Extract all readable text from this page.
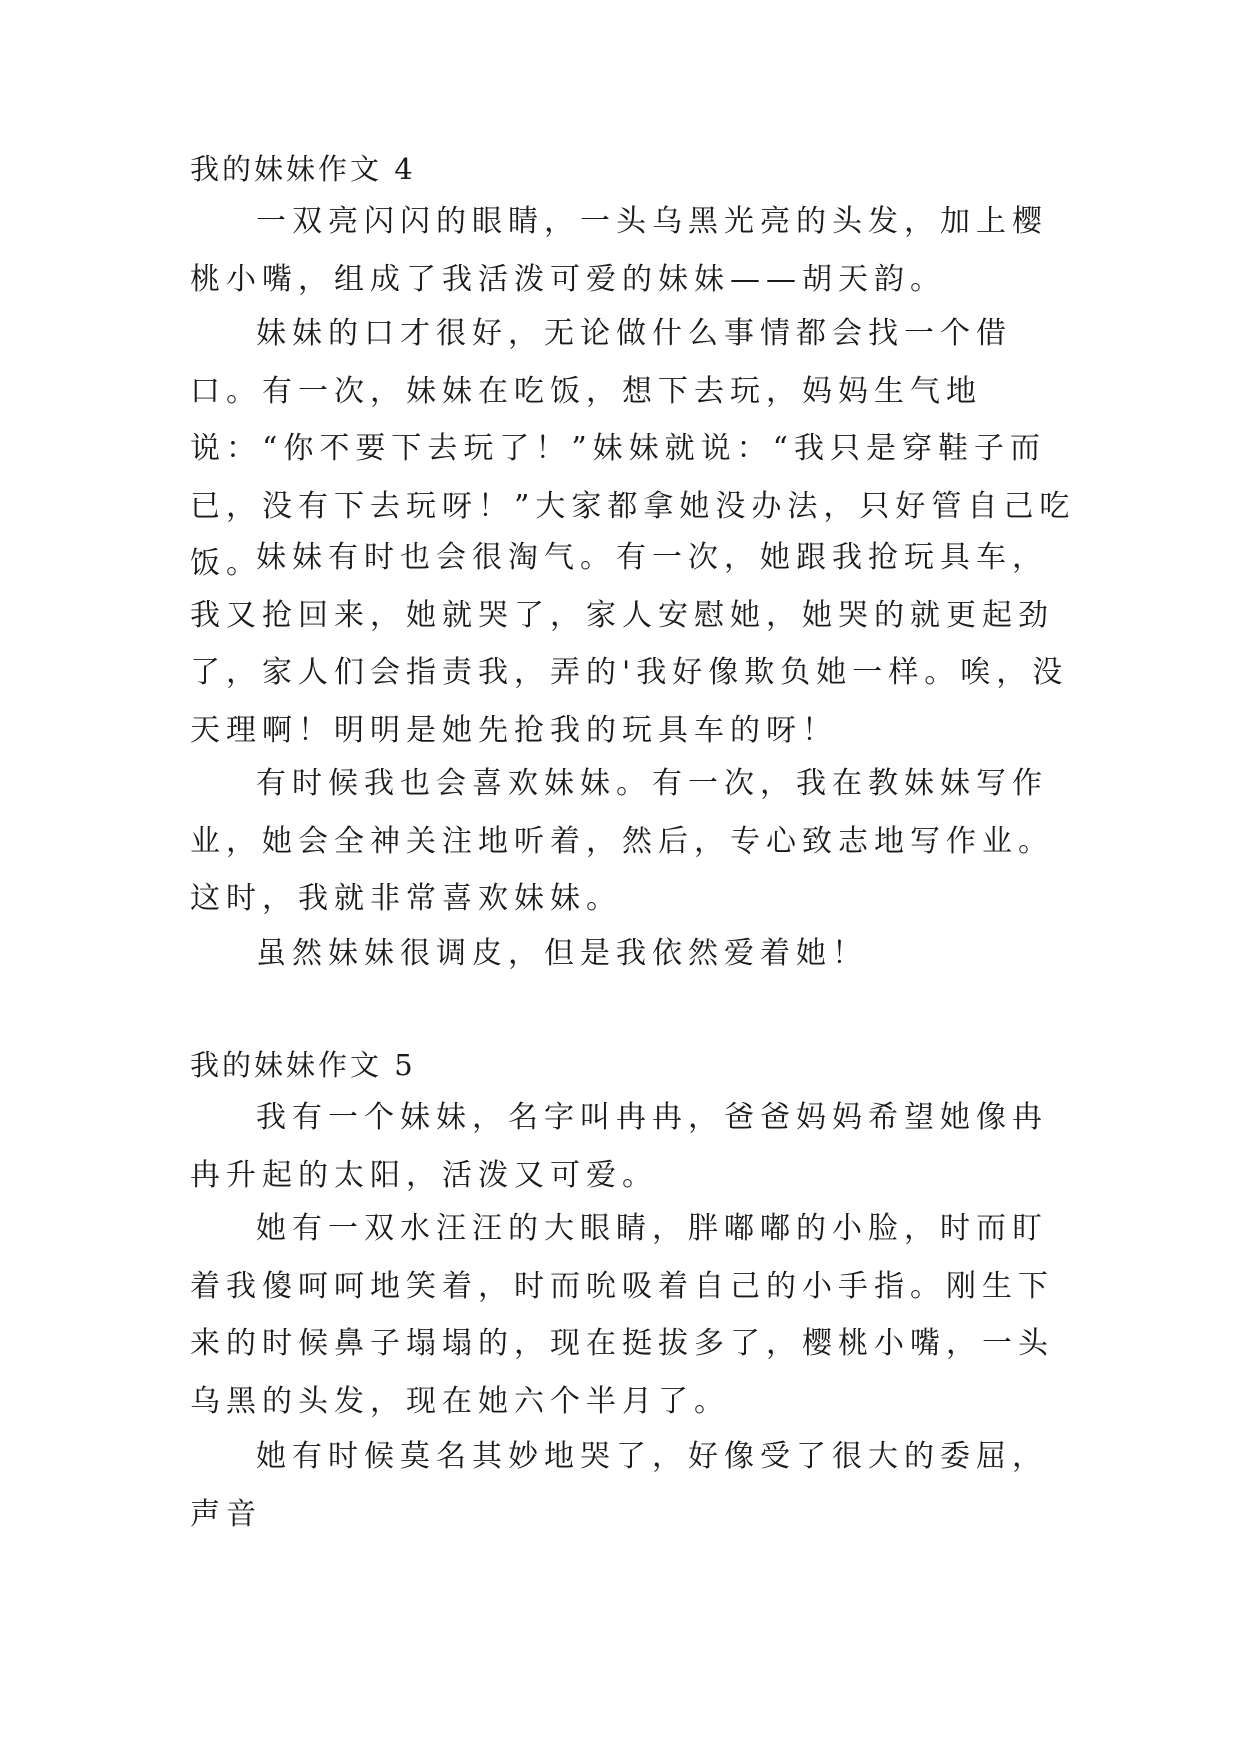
我的妹妹作文 4

一双亮闪闪的眼睛，一头乌黑光亮的头发，加上樱桃小嘴，组成了我活泼可爱的妹妹——胡天韵。

妹妹的口才很好，无论做什么事情都会找一个借口。有一次，妹妹在吃饭，想下去玩，妈妈生气地说：“你不要下去玩了！”妹妹就说：“我只是穿鞋子而已，没有下去玩呀！”大家都拿她没办法，只好管自己吃饭。

妹妹有时也会很淘气。有一次，她跟我抢玩具车，我又抢回来，她就哭了，家人安慰她，她哭的就更起劲了，家人们会指责我，弄的'我好像欺负她一样。唉，没天理啊！明明是她先抢我的玩具车的呀！

有时候我也会喜欢妹妹。有一次，我在教妹妹写作业，她会全神关注地听着，然后，专心致志地写作业。这时，我就非常喜欢妹妹。

虽然妹妹很调皮，但是我依然爱着她！

我的妹妹作文 5

我有一个妹妹，名字叫冉冉，爸爸妈妈希望她像冉冉升起的太阳，活泼又可爱。

她有一双水汪汪的大眼睛，胖嘟嘟的小脸，时而盯着我傻呵呵地笑着，时而吮吸着自己的小手指。刚生下来的时候鼻子塌塌的，现在挺拔多了，樱桃小嘴，一头乌黑的头发，现在她六个半月了。

她有时候莫名其妙地哭了，好像受了很大的委屈，声音
